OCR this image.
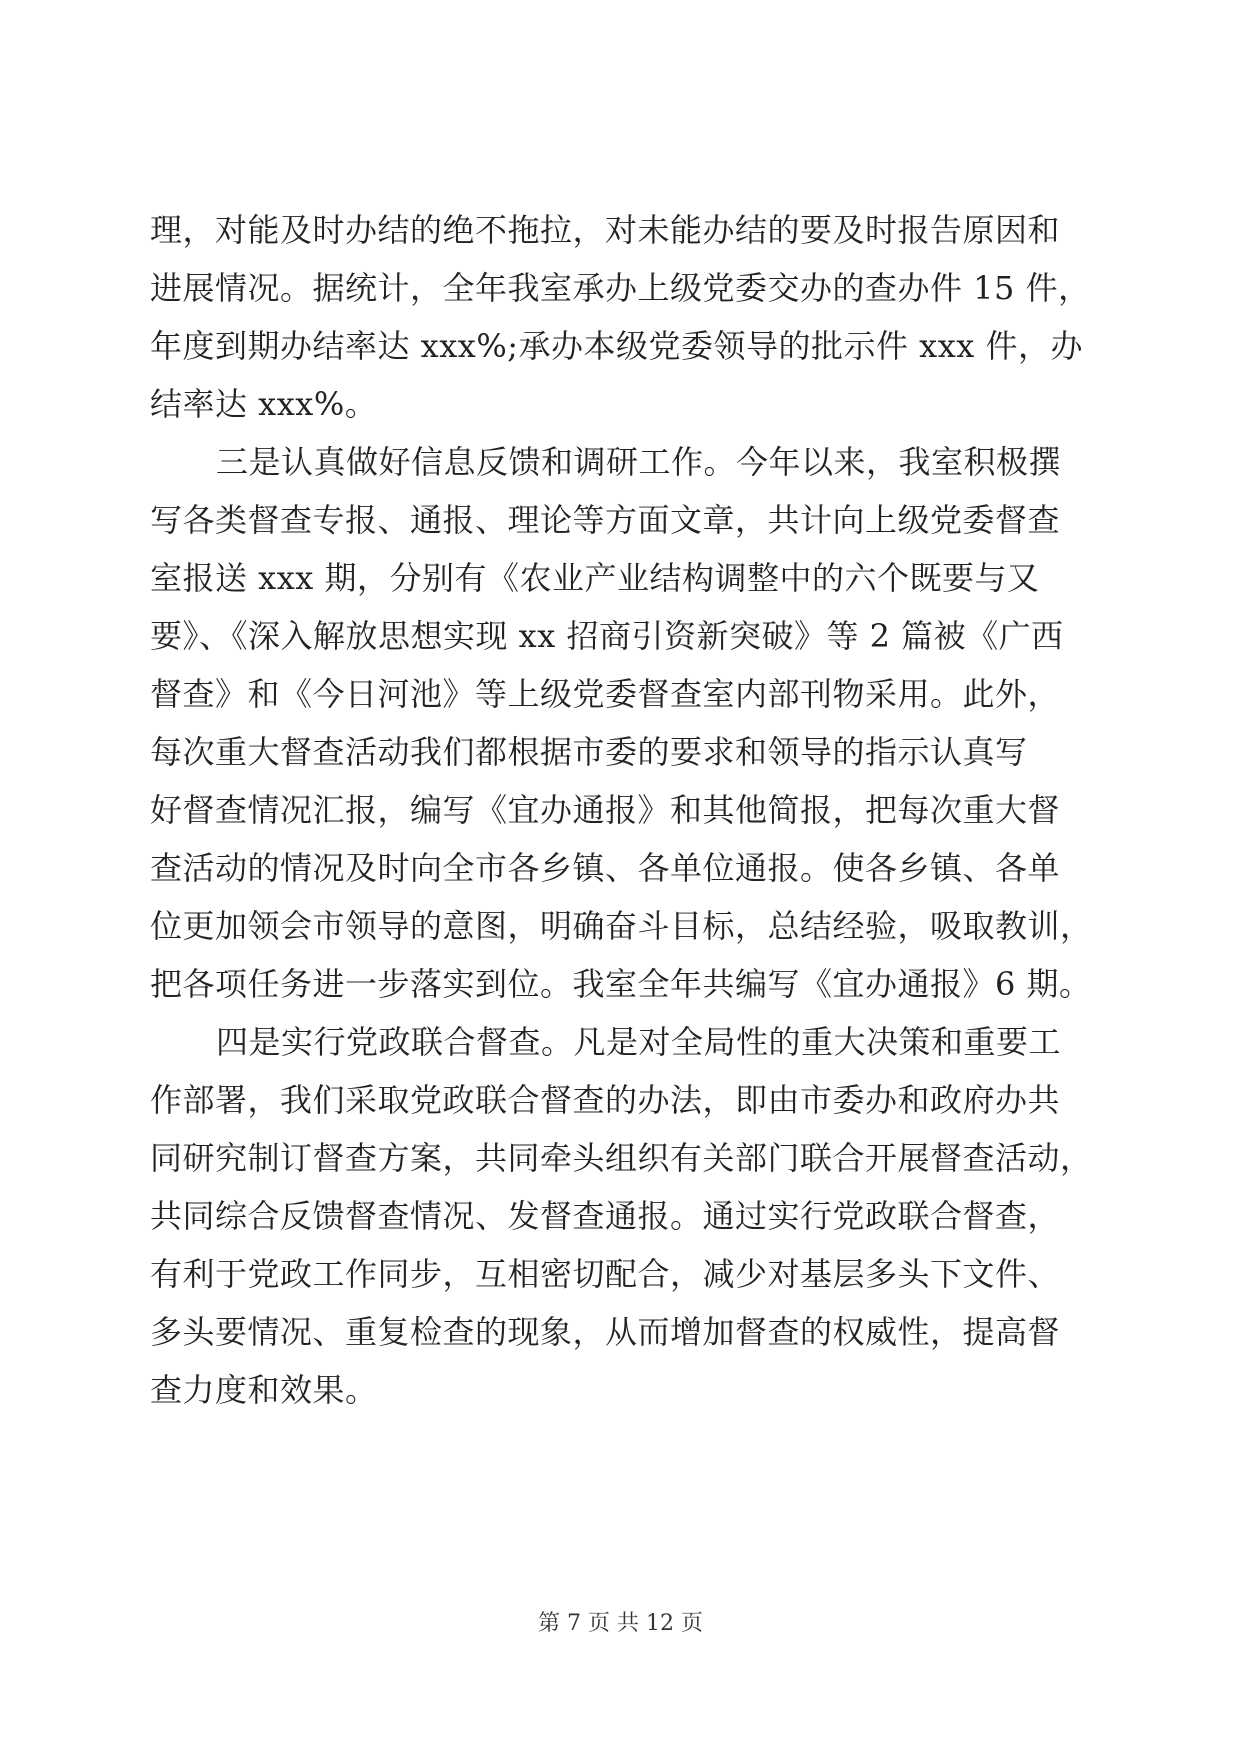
理，对能及时办结的绝不拖拉，对未能办结的要及时报告原因和
进展情况。据统计，全年我室承办上级党委交办的查办件 15 件，
年度到期办结率达 xxx%;承办本级党委领导的批示件 xxx 件，办
结率达 xxx%。
三是认真做好信息反馈和调研工作。今年以来，我室积极撰
写各类督查专报、通报、理论等方面文章，共计向上级党委督查
室报送 xxx 期，分别有《农业产业结构调整中的六个既要与又
要》、《深入解放思想实现 xx 招商引资新突破》等 2 篇被《广西
督查》和《今日河池》等上级党委督查室内部刊物采用。此外，
每次重大督查活动我们都根据市委的要求和领导的指示认真写
好督查情况汇报，编写《宜办通报》和其他简报，把每次重大督
查活动的情况及时向全市各乡镇、各单位通报。使各乡镇、各单
位更加领会市领导的意图，明确奋斗目标，总结经验，吸取教训，
把各项任务进一步落实到位。我室全年共编写《宜办通报》6 期。
四是实行党政联合督查。凡是对全局性的重大决策和重要工
作部署，我们采取党政联合督查的办法，即由市委办和政府办共
同研究制订督查方案，共同牵头组织有关部门联合开展督查活动，
共同综合反馈督查情况、发督查通报。通过实行党政联合督查，
有利于党政工作同步，互相密切配合，减少对基层多头下文件、
多头要情况、重复检查的现象，从而增加督查的权威性，提高督
查力度和效果。
第 7 页 共 12 页
